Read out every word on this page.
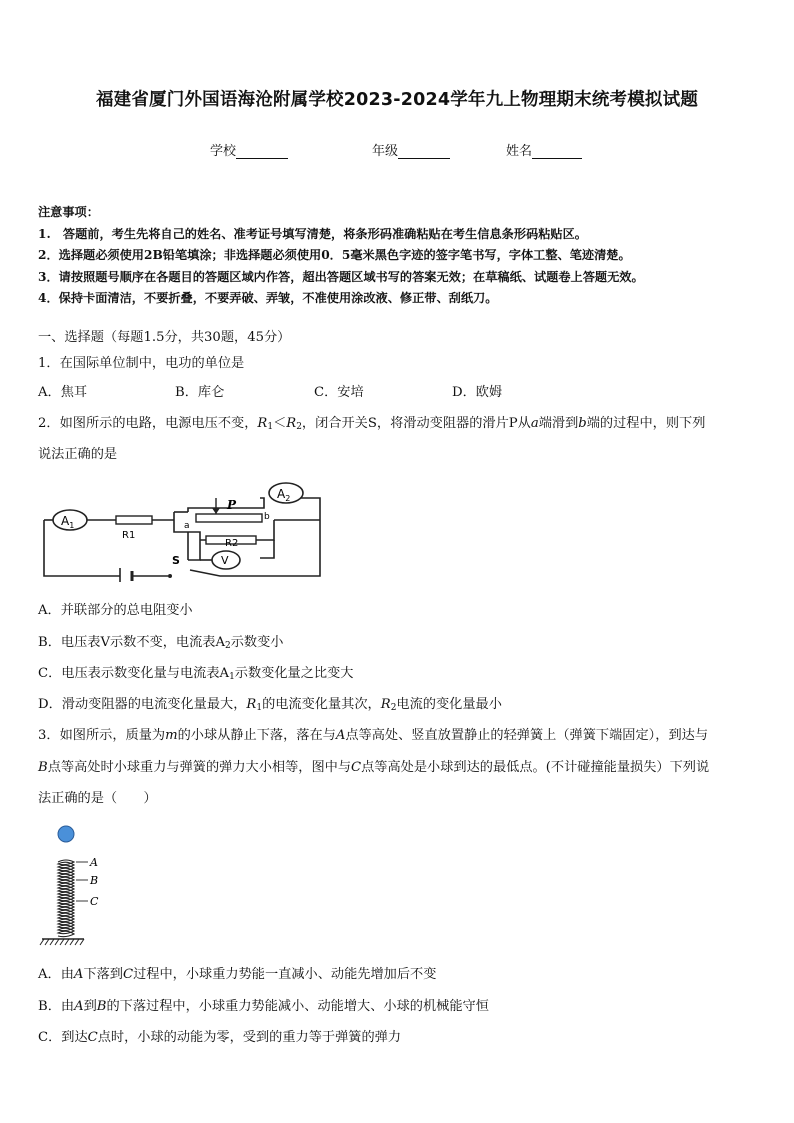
福建省厦门外国语海沧附属学校2023-2024学年九上物理期末统考模拟试题
学校	年级	姓名
注意事项：
1.　答题前，考生先将自己的姓名、准考证号填写清楚，将条形码准确粘贴在考生信息条形码粘贴区。
2．选择题必须使用2B铅笔填涂；非选择题必须使用0．5毫米黑色字迹的签字笔书写，字体工整、笔迹清楚。
3．请按照题号顺序在各题目的答题区域内作答，超出答题区域书写的答案无效；在草稿纸、试题卷上答题无效。
4．保持卡面清洁，不要折叠，不要弄破、弄皱，不准使用涂改液、修正带、刮纸刀。
一、选择题（每题1.5分，共30题，45分）
1．在国际单位制中，电功的单位是
A．焦耳	B．库仑	C．安培	D．欧姆
2．如图所示的电路，电源电压不变，$R_1<R_2$，闭合开关S，将滑动变阻器的滑片P从a端滑到b端的过程中，则下列
说法正确的是
$A_1$
R1
P
a
b
$A_2$
R2
V
S
A．并联部分的总电阻变小
B．电压表V示数不变，电流表$A_2$示数变小
C．电压表示数变化量与电流表$A_1$示数变化量之比变大
D．滑动变阻器的电流变化量最大，$R_1$的电流变化量其次，$R_2$电流的变化量最小
3．如图所示，质量为m的小球从静止下落，落在与A点等高处、竖直放置静止的轻弹簧上（弹簧下端固定），到达与
B点等高处时小球重力与弹簧的弹力大小相等，图中与C点等高处是小球到达的最低点。(不计碰撞能量损失）下列说
法正确的是（　　）
A
B
C
A．由A下落到C过程中，小球重力势能一直减小、动能先增加后不变
B．由A到B的下落过程中，小球重力势能减小、动能增大、小球的机械能守恒
C．到达C点时，小球的动能为零，受到的重力等于弹簧的弹力
